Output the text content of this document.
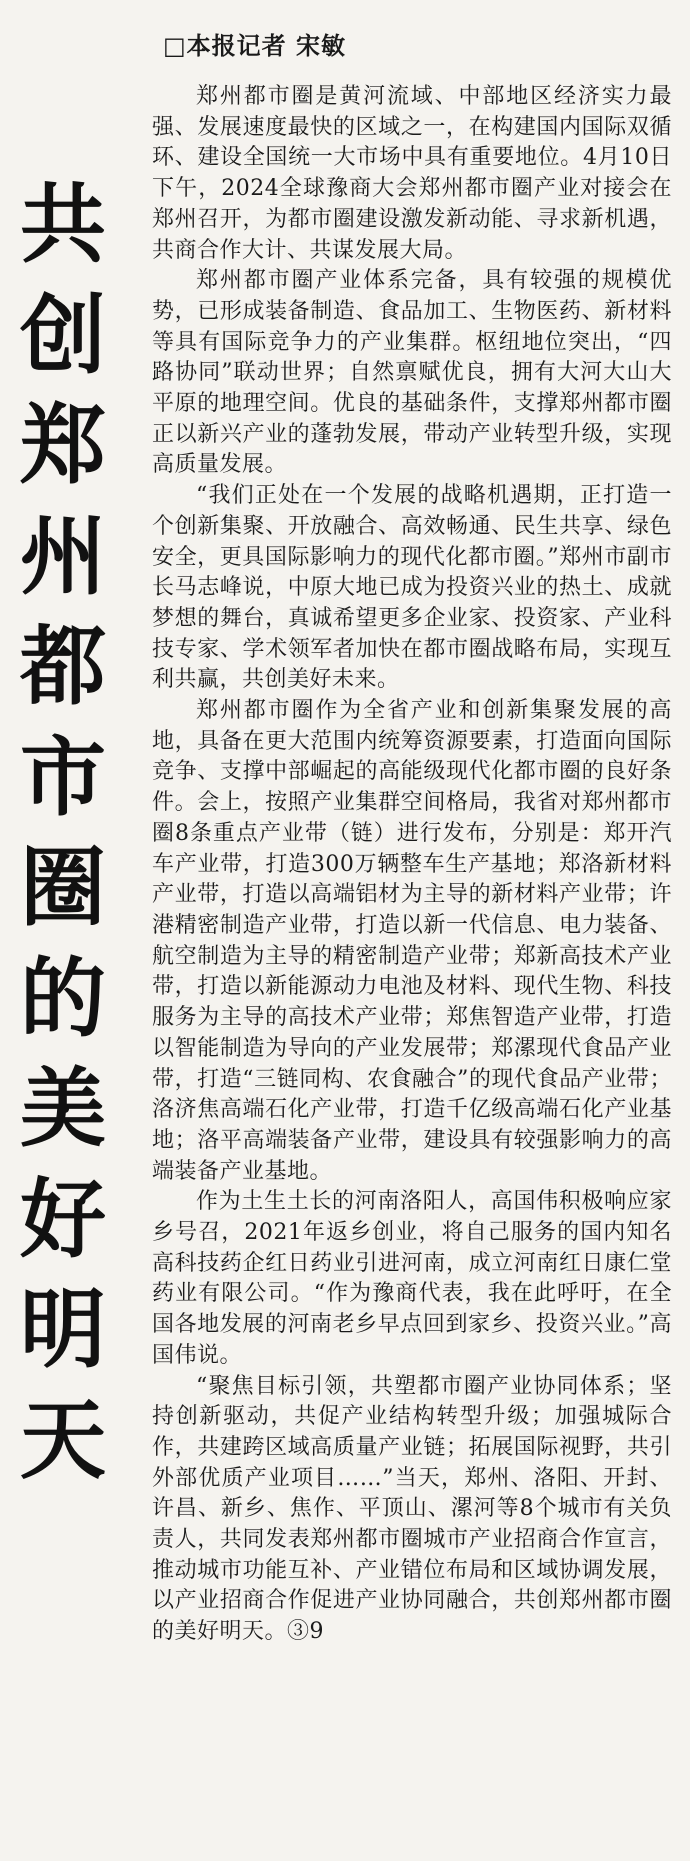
□本报记者 宋敏
共创郑州都市圈的美好明天

郑州都市圈是黄河流域、中部地区经济实力最强、发展速度最快的区域之一，在构建国内国际双循环、建设全国统一大市场中具有重要地位。4月10日下午，2024全球豫商大会郑州都市圈产业对接会在郑州召开，为都市圈建设激发新动能、寻求新机遇，共商合作大计、共谋发展大局。

郑州都市圈产业体系完备，具有较强的规模优势，已形成装备制造、食品加工、生物医药、新材料等具有国际竞争力的产业集群。枢纽地位突出，“四路协同”联动世界；自然禀赋优良，拥有大河大山大平原的地理空间。优良的基础条件，支撑郑州都市圈正以新兴产业的蓬勃发展，带动产业转型升级，实现高质量发展。

“我们正处在一个发展的战略机遇期，正打造一个创新集聚、开放融合、高效畅通、民生共享、绿色安全，更具国际影响力的现代化都市圈。”郑州市副市长马志峰说，中原大地已成为投资兴业的热土、成就梦想的舞台，真诚希望更多企业家、投资家、产业科技专家、学术领军者加快在都市圈战略布局，实现互利共赢，共创美好未来。

郑州都市圈作为全省产业和创新集聚发展的高地，具备在更大范围内统筹资源要素，打造面向国际竞争、支撑中部崛起的高能级现代化都市圈的良好条件。会上，按照产业集群空间格局，我省对郑州都市圈8条重点产业带（链）进行发布，分别是：郑开汽车产业带，打造300万辆整车生产基地；郑洛新材料产业带，打造以高端铝材为主导的新材料产业带；许港精密制造产业带，打造以新一代信息、电力装备、航空制造为主导的精密制造产业带；郑新高技术产业带，打造以新能源动力电池及材料、现代生物、科技服务为主导的高技术产业带；郑焦智造产业带，打造以智能制造为导向的产业发展带；郑漯现代食品产业带，打造“三链同构、农食融合”的现代食品产业带；洛济焦高端石化产业带，打造千亿级高端石化产业基地；洛平高端装备产业带，建设具有较强影响力的高端装备产业基地。

作为土生土长的河南洛阳人，高国伟积极响应家乡号召，2021年返乡创业，将自己服务的国内知名高科技药企红日药业引进河南，成立河南红日康仁堂药业有限公司。“作为豫商代表，我在此呼吁，在全国各地发展的河南老乡早点回到家乡、投资兴业。”高国伟说。

“聚焦目标引领，共塑都市圈产业协同体系；坚持创新驱动，共促产业结构转型升级；加强城际合作，共建跨区域高质量产业链；拓展国际视野，共引外部优质产业项目……”当天，郑州、洛阳、开封、许昌、新乡、焦作、平顶山、漯河等8个城市有关负责人，共同发表郑州都市圈城市产业招商合作宣言，推动城市功能互补、产业错位布局和区域协调发展，以产业招商合作促进产业协同融合，共创郑州都市圈的美好明天。③9
